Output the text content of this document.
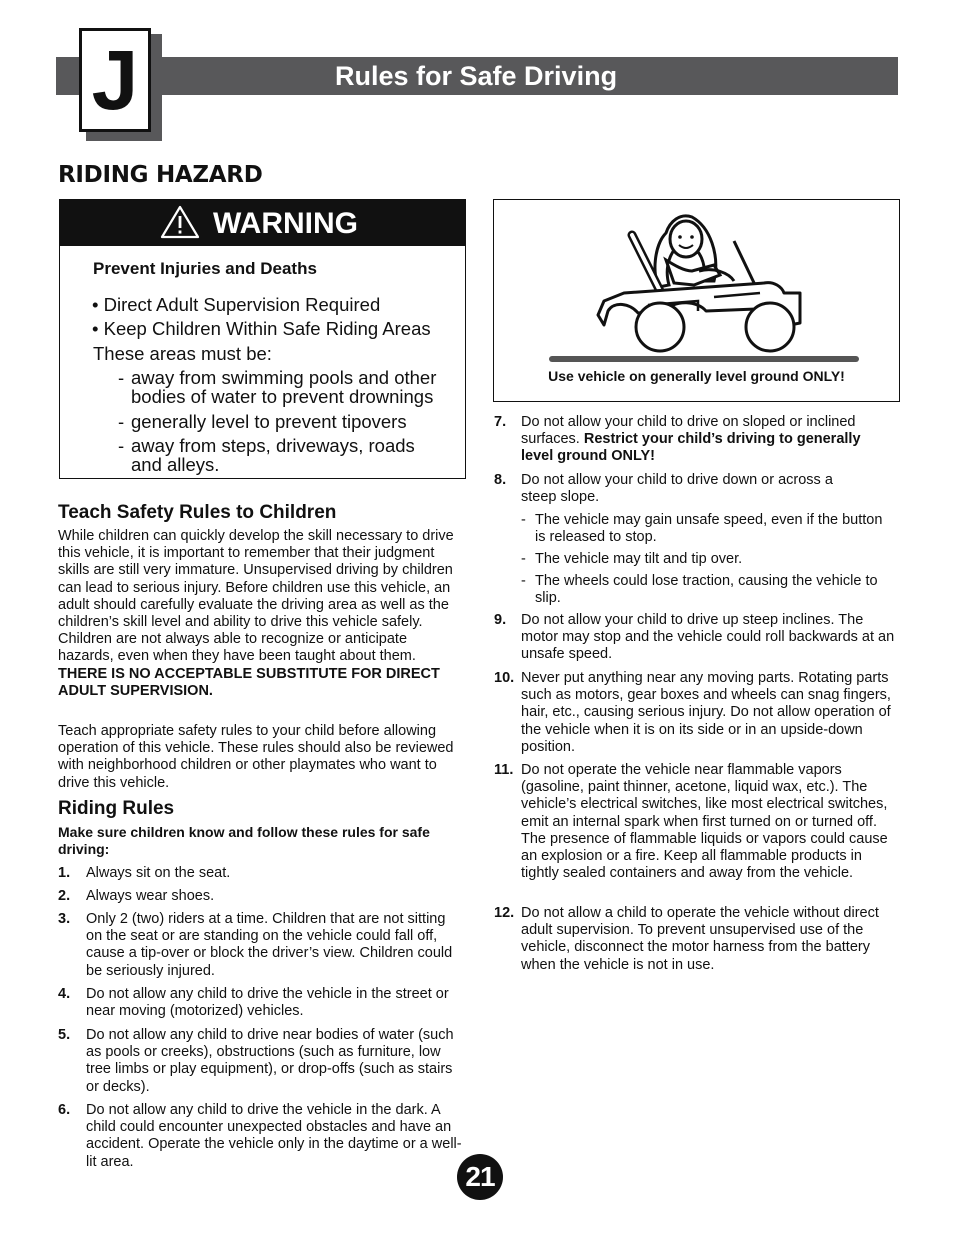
Rules for Safe Driving
J
RIDING HAZARD
WARNING
Prevent Injuries and Deaths
• Direct Adult Supervision Required
• Keep Children Within Safe Riding Areas
These areas must be:
- away from swimming pools and other
bodies of water to prevent drownings
- generally level to prevent tipovers
- away from steps, driveways, roads
and alleys.
Teach Safety Rules to Children
While children can quickly develop the skill necessary to drive this vehicle, it is important to remember that their judgment skills are still very immature. Unsupervised driving by children can lead to serious injury. Before children use this vehicle, an adult should carefully evaluate the driving area as well as the children’s skill level and ability to drive this vehicle safely. Children are not always able to recognize or anticipate hazards, even when they have been taught about them. THERE IS NO ACCEPTABLE SUBSTITUTE FOR DIRECT ADULT SUPERVISION.
Teach appropriate safety rules to your child before allowing operation of this vehicle. These rules should also be reviewed with neighborhood children or other playmates who want to drive this vehicle.
Riding Rules
Make sure children know and follow these rules for safe driving:
1. Always sit on the seat.
2. Always wear shoes.
3. Only 2 (two) riders at a time. Children that are not sitting on the seat or are standing on the vehicle could fall off, cause a tip-over or block the driver’s view. Children could be seriously injured.
4. Do not allow any child to drive the vehicle in the street or near moving (motorized) vehicles.
5. Do not allow any child to drive near bodies of water (such as pools or creeks), obstructions (such as furniture, low tree limbs or play equipment), or drop-offs (such as stairs or decks).
6. Do not allow any child to drive the vehicle in the dark. A child could encounter unexpected obstacles and have an accident. Operate the vehicle only in the daytime or a well-lit area.
Use vehicle on generally level ground ONLY!
7. Do not allow your child to drive on sloped or inclined surfaces. Restrict your child’s driving to generally level ground ONLY!
8. Do not allow your child to drive down or across a steep slope.
- The vehicle may gain unsafe speed, even if the button is released to stop.
- The vehicle may tilt and tip over.
- The wheels could lose traction, causing the vehicle to slip.
9. Do not allow your child to drive up steep inclines. The motor may stop and the vehicle could roll backwards at an unsafe speed.
10. Never put anything near any moving parts. Rotating parts such as motors, gear boxes and wheels can snag fingers, hair, etc., causing serious injury. Do not allow operation of the vehicle when it is on its side or in an upside-down position.
11. Do not operate the vehicle near flammable vapors (gasoline, paint thinner, acetone, liquid wax, etc.). The vehicle’s electrical switches, like most electrical switches, emit an internal spark when first turned on or turned off. The presence of flammable liquids or vapors could cause an explosion or a fire. Keep all flammable products in tightly sealed containers and away from the vehicle.
12. Do not allow a child to operate the vehicle without direct adult supervision. To prevent unsupervised use of the vehicle, disconnect the motor harness from the battery when the vehicle is not in use.
21
